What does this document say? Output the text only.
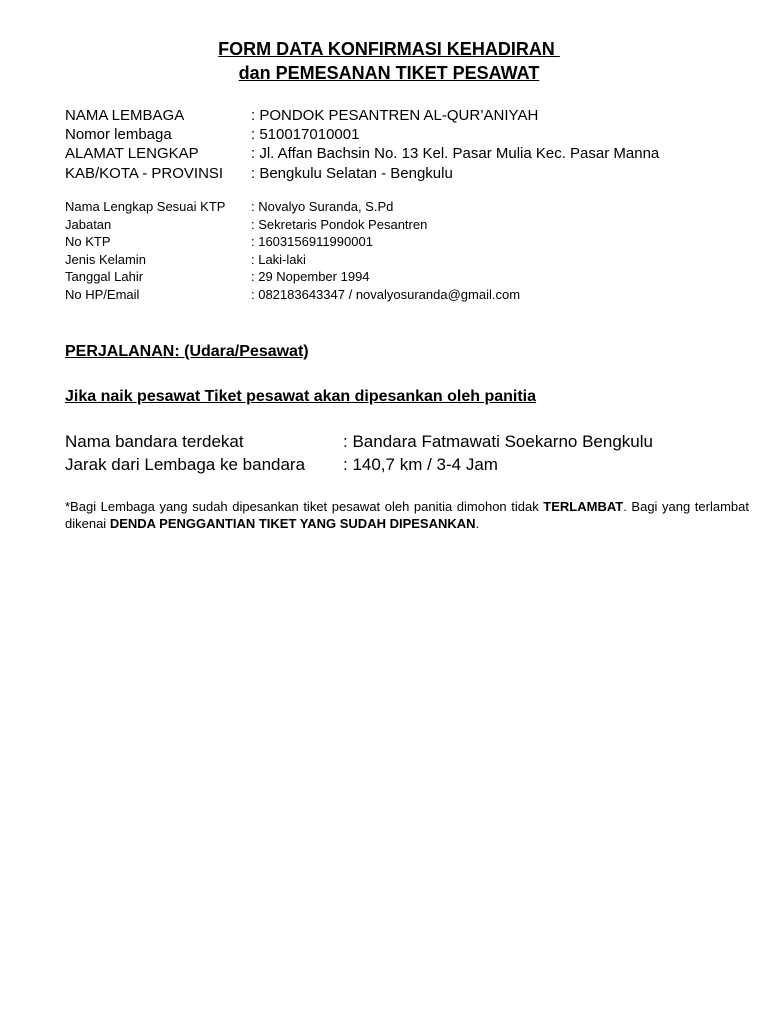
FORM DATA KONFIRMASI KEHADIRAN
dan PEMESANAN TIKET PESAWAT
NAMA LEMBAGA	: PONDOK PESANTREN AL-QUR’ANIYAH
Nomor lembaga	: 510017010001
ALAMAT LENGKAP	: Jl. Affan Bachsin No. 13 Kel. Pasar Mulia Kec. Pasar Manna
KAB/KOTA - PROVINSI : Bengkulu Selatan - Bengkulu
Nama Lengkap Sesuai KTP : Novalyo Suranda, S.Pd
Jabatan	: Sekretaris Pondok Pesantren
No KTP	: 1603156911990001
Jenis Kelamin	: Laki-laki
Tanggal Lahir	: 29 Nopember 1994
No HP/Email	: 082183643347 / novalyosuranda@gmail.com
PERJALANAN: (Udara/Pesawat)
Jika naik pesawat Tiket pesawat akan dipesankan oleh panitia
Nama bandara terdekat	: Bandara Fatmawati Soekarno Bengkulu
Jarak dari Lembaga ke bandara : 140,7 km / 3-4 Jam
*Bagi Lembaga yang sudah dipesankan tiket pesawat oleh panitia dimohon tidak TERLAMBAT. Bagi yang terlambat dikenai DENDA PENGGANTIAN TIKET YANG SUDAH DIPESANKAN.
